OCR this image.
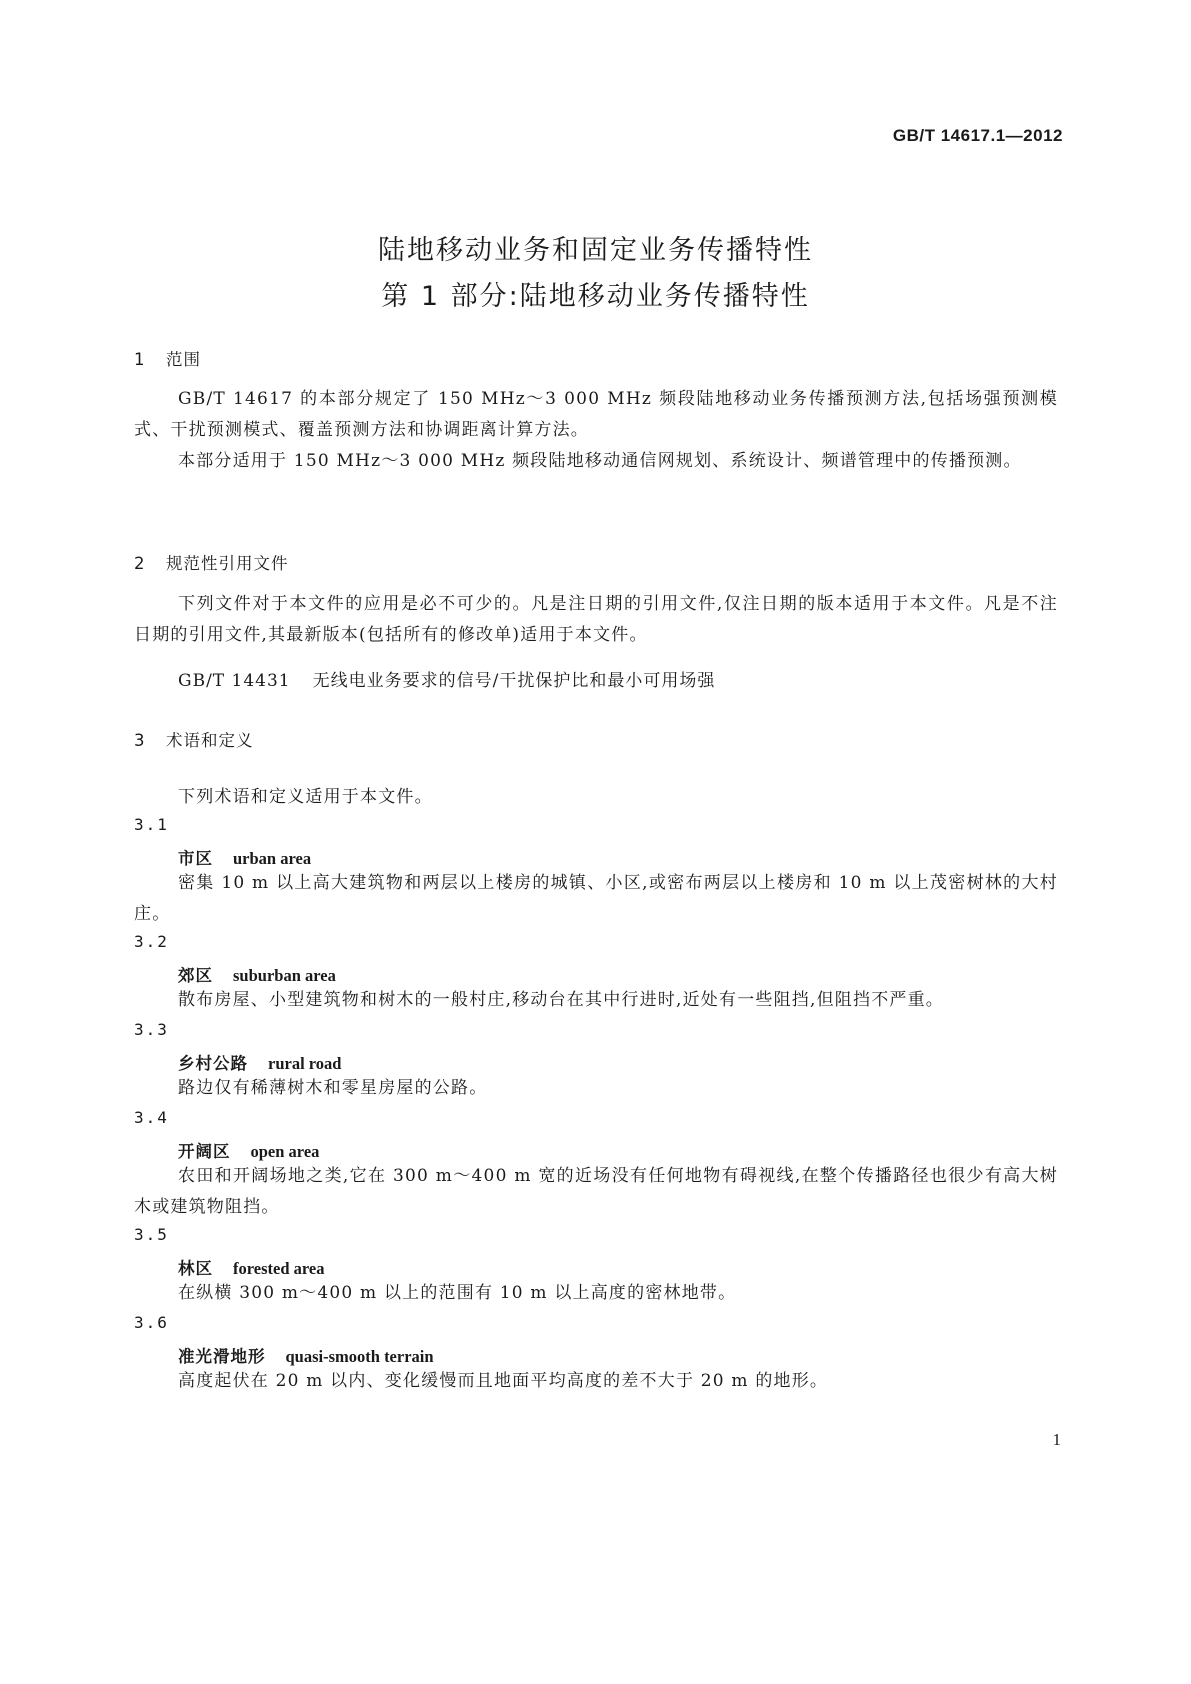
GB/T 14617.1—2012
陆地移动业务和固定业务传播特性
第 1 部分:陆地移动业务传播特性
1 范围

GB/T 14617 的本部分规定了 150 MHz～3 000 MHz 频段陆地移动业务传播预测方法,包括场强预测模式、干扰预测模式、覆盖预测方法和协调距离计算方法。

本部分适用于 150 MHz～3 000 MHz 频段陆地移动通信网规划、系统设计、频谱管理中的传播预测。

2 规范性引用文件

下列文件对于本文件的应用是必不可少的。凡是注日期的引用文件,仅注日期的版本适用于本文件。凡是不注日期的引用文件,其最新版本(包括所有的修改单)适用于本文件。

GB/T 14431 无线电业务要求的信号/干扰保护比和最小可用场强
3 术语和定义

下列术语和定义适用于本文件。

3.1
市区 urban area

密集 10 m 以上高大建筑物和两层以上楼房的城镇、小区,或密布两层以上楼房和 10 m 以上茂密树林的大村庄。

3.2
郊区 suburban area

散布房屋、小型建筑物和树木的一般村庄,移动台在其中行进时,近处有一些阻挡,但阻挡不严重。

3.3
乡村公路 rural road

路边仅有稀薄树木和零星房屋的公路。

3.4
开阔区 open area

农田和开阔场地之类,它在 300 m～400 m 宽的近场没有任何地物有碍视线,在整个传播路径也很少有高大树木或建筑物阻挡。

3.5
林区 forested area

在纵横 300 m～400 m 以上的范围有 10 m 以上高度的密林地带。

3.6
准光滑地形 quasi-smooth terrain

高度起伏在 20 m 以内、变化缓慢而且地面平均高度的差不大于 20 m 的地形。

1
